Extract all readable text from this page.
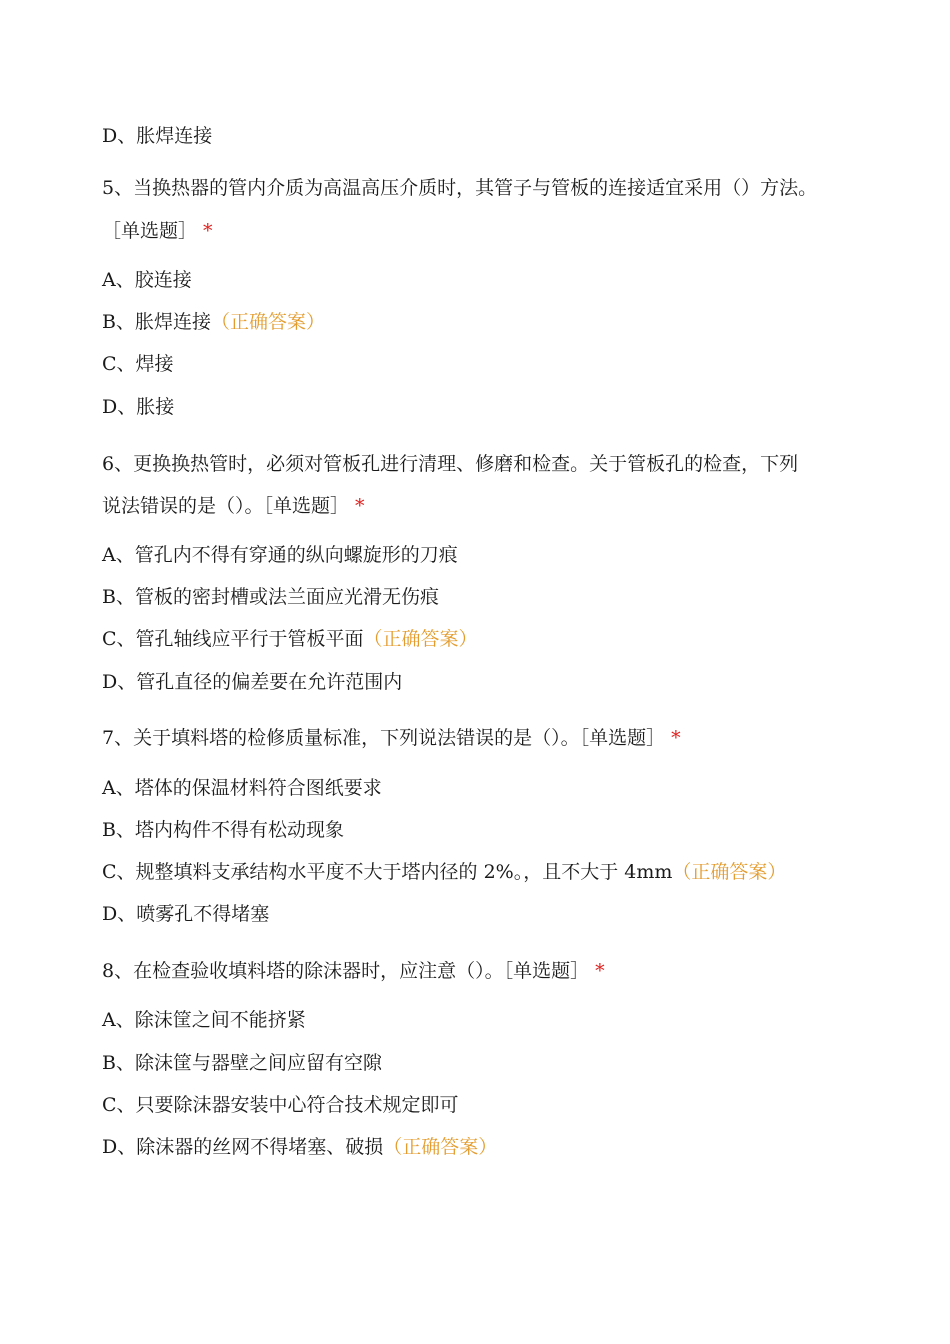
D、胀焊连接
5、当换热器的管内介质为高温高压介质时，其管子与管板的连接适宜采用（）方法。
［单选题］ *
A、胶连接
B、胀焊连接（正确答案）
C、焊接
D、胀接
6、更换换热管时，必须对管板孔进行清理、修磨和检查。关于管板孔的检查，下列
说法错误的是（）。［单选题］ *
A、管孔内不得有穿通的纵向螺旋形的刀痕
B、管板的密封槽或法兰面应光滑无伤痕
C、管孔轴线应平行于管板平面（正确答案）
D、管孔直径的偏差要在允许范围内
7、关于填料塔的检修质量标准，下列说法错误的是（）。［单选题］ *
A、塔体的保温材料符合图纸要求
B、塔内构件不得有松动现象
C、规整填料支承结构水平度不大于塔内径的 2%。，且不大于 4mm（正确答案）
D、喷雾孔不得堵塞
8、在检查验收填料塔的除沫器时，应注意（）。［单选题］ *
A、除沫筐之间不能挤紧
B、除沫筐与器壁之间应留有空隙
C、只要除沫器安装中心符合技术规定即可
D、除沫器的丝网不得堵塞、破损（正确答案）
